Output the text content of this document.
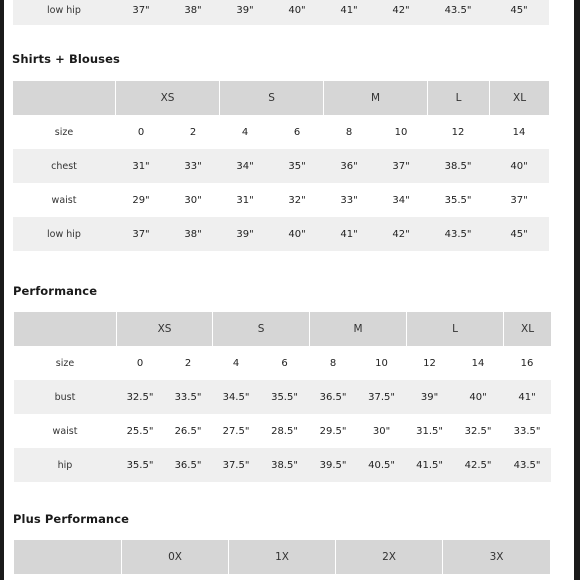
low hip	37"	38"	39"	40"	41"	42"	43.5"	45"
Shirts + Blouses
	XS		S		M		L	XL
size	0	2	4	6	8	10	12	14
chest	31"	33"	34"	35"	36"	37"	38.5"	40"
waist	29"	30"	31"	32"	33"	34"	35.5"	37"
low hip	37"	38"	39"	40"	41"	42"	43.5"	45"
Performance
	XS		S		M		L		XL
size	0	2	4	6	8	10	12	14	16
bust	32.5"	33.5"	34.5"	35.5"	36.5"	37.5"	39"	40"	41"
waist	25.5"	26.5"	27.5"	28.5"	29.5"	30"	31.5"	32.5"	33.5"
hip	35.5"	36.5"	37.5"	38.5"	39.5"	40.5"	41.5"	42.5"	43.5"
Plus Performance
	0X	1X	2X	3X
